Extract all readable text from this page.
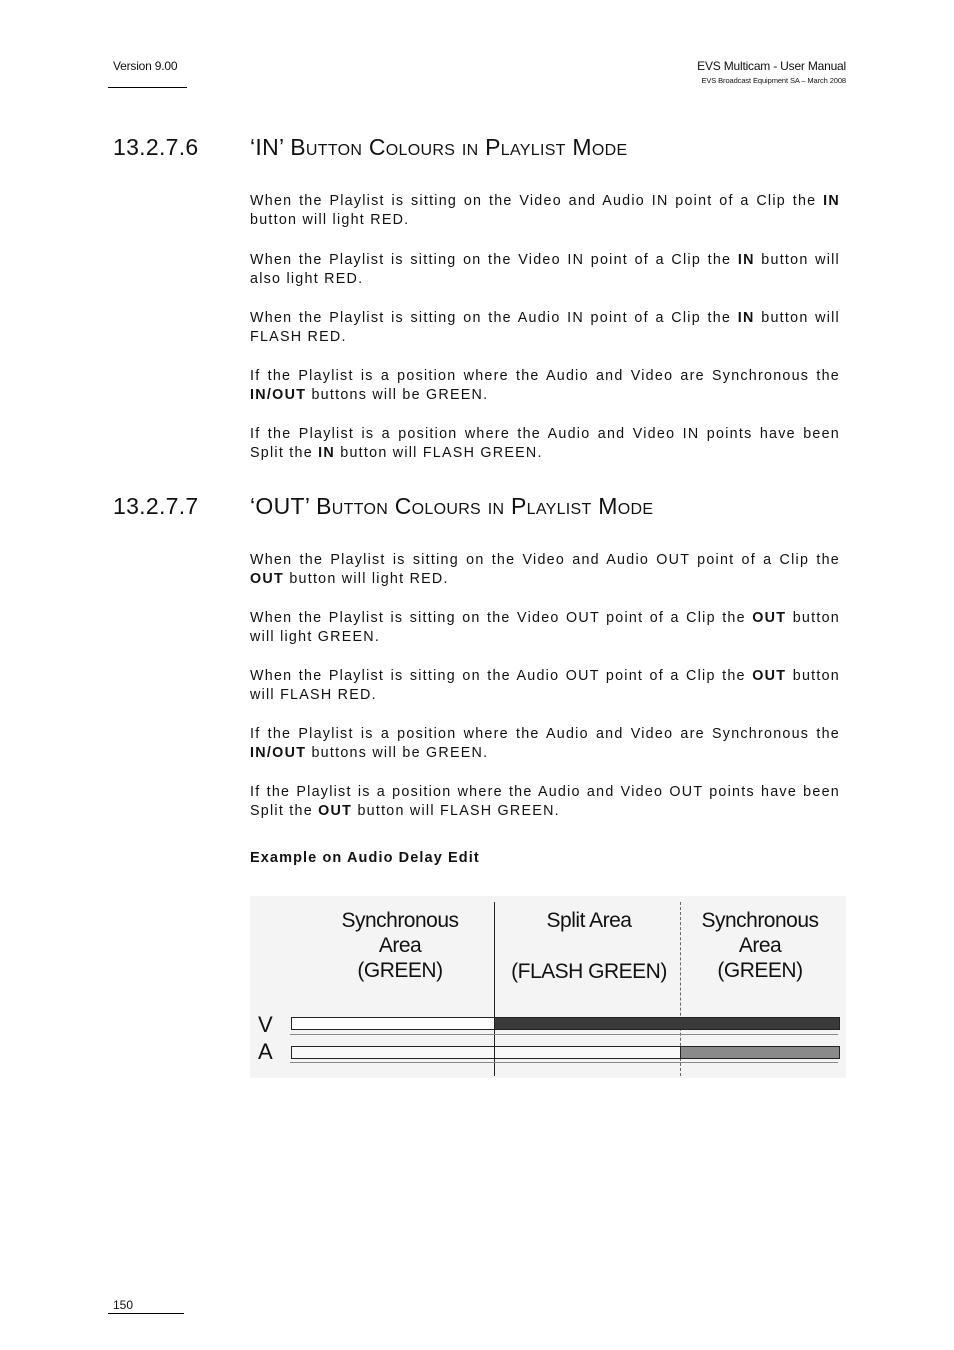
Version 9.00	EVS Multicam - User Manual
EVS Broadcast Equipment SA – March 2008
13.2.7.6 ‘IN’ Button Colours in Playlist Mode

When the Playlist is sitting on the Video and Audio IN point of a Clip the IN button will light RED.

When the Playlist is sitting on the Video IN point of a Clip the IN button will also light RED.

When the Playlist is sitting on the Audio IN point of a Clip the IN button will FLASH RED.

If the Playlist is a position where the Audio and Video are Synchronous the IN/OUT buttons will be GREEN.

If the Playlist is a position where the Audio and Video IN points have been Split the IN button will FLASH GREEN.

13.2.7.7 ‘OUT’ Button Colours in Playlist Mode

When the Playlist is sitting on the Video and Audio OUT point of a Clip the OUT button will light RED.

When the Playlist is sitting on the Video OUT point of a Clip the OUT button will light GREEN.

When the Playlist is sitting on the Audio OUT point of a Clip the OUT button will FLASH RED.

If the Playlist is a position where the Audio and Video are Synchronous the IN/OUT buttons will be GREEN.

If the Playlist is a position where the Audio and Video OUT points have been Split the OUT button will FLASH GREEN.

Example on Audio Delay Edit

Synchronous
Area
(GREEN)
Split Area
(FLASH GREEN)
Synchronous
Area
(GREEN)
V
A
150
